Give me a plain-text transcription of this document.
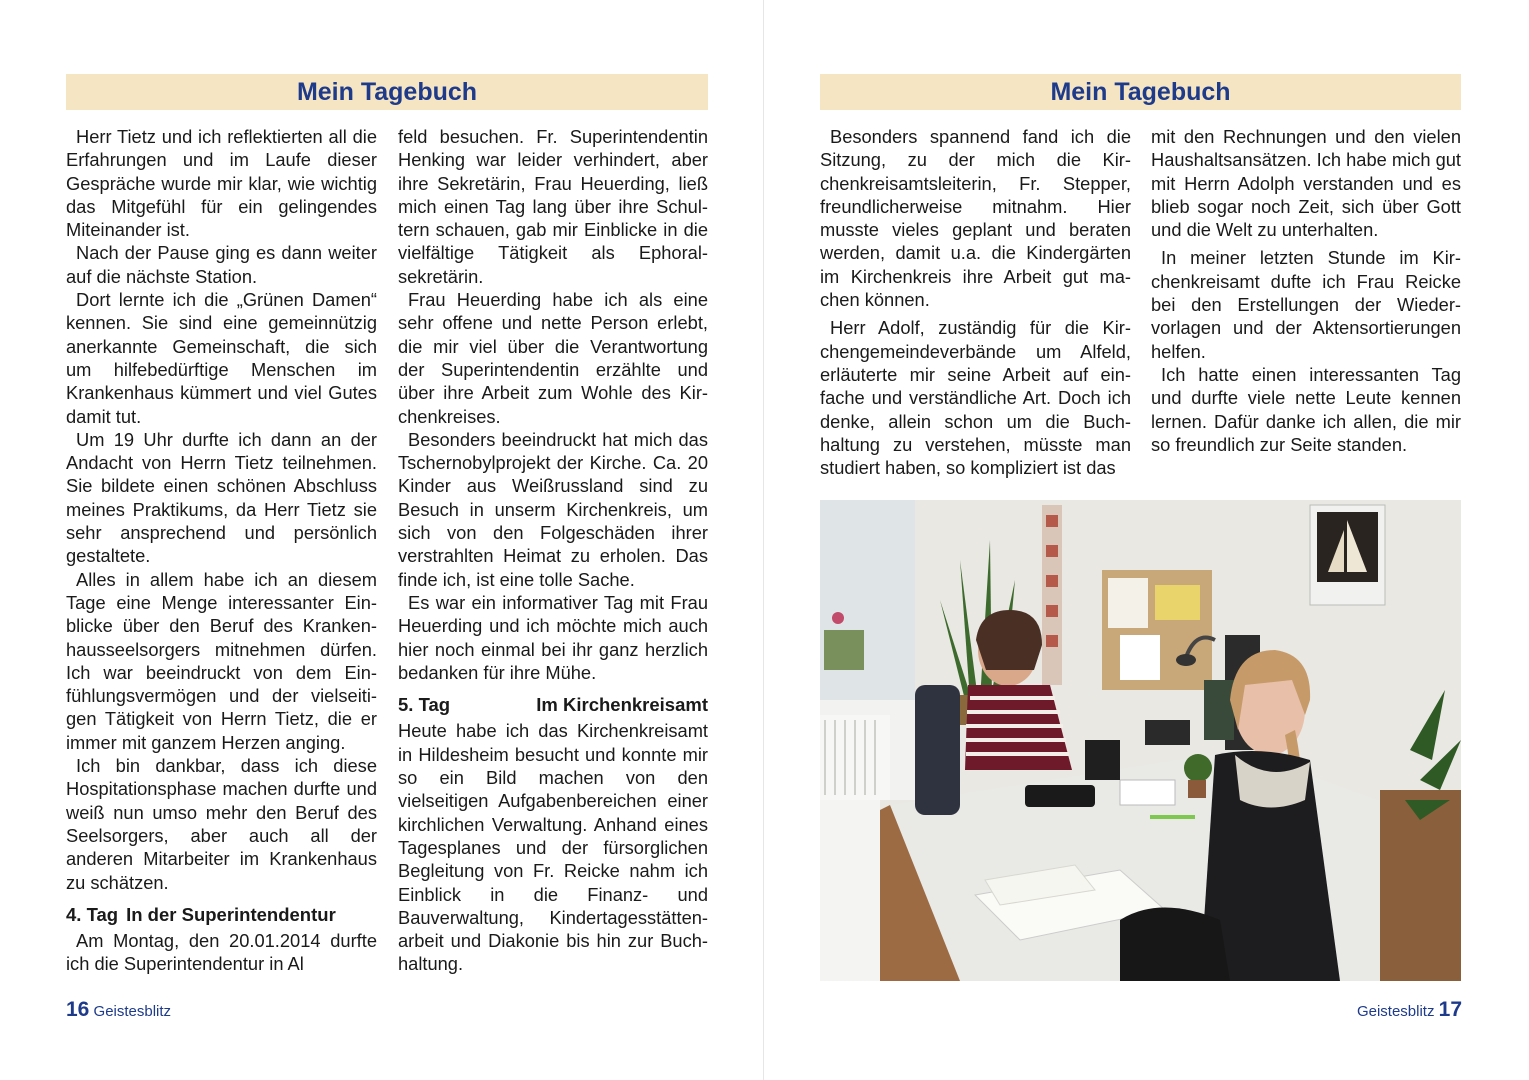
Mein Tagebuch

Herr Tietz und ich reflektierten all die Erfahrungen und im Laufe dieser Gespräche wurde mir klar, wie wichtig das Mitgefühl für ein gelingendes Miteinander ist.

Nach der Pause ging es dann weiter auf die nächste Station.

Dort lernte ich die „Grünen Damen“ kennen. Sie sind eine gemeinnützig anerkannte Gemeinschaft, die sich um hilfebedürftige Menschen im Krankenhaus kümmert und viel Gutes damit tut.

Um 19 Uhr durfte ich dann an der Andacht von Herrn Tietz teilnehmen. Sie bildete einen schönen Abschluss meines Praktikums, da Herr Tietz sie sehr ansprechend und persönlich gestaltete.

Alles in allem habe ich an diesem Tage eine Menge interessanter Einblicke über den Beruf des Krankenhausseelsorgers mitnehmen dürfen. Ich war beeindruckt von dem Einfühlungsvermögen und der vielseitigen Tätigkeit von Herrn Tietz, die er immer mit ganzem Herzen anging.

Ich bin dankbar, dass ich diese Hospitationsphase machen durfte und weiß nun umso mehr den Beruf des Seelsorgers, aber auch all der anderen Mitarbeiter im Krankenhaus zu schätzen.

4. Tag In der Superintendentur

Am Montag, den 20.01.2014 durfte ich die Superintendentur in Al

feld besuchen. Fr. Superintendentin Henking war leider verhindert, aber ihre Sekretärin, Frau Heuerding, ließ mich einen Tag lang über ihre Schultern schauen, gab mir Einblicke in die vielfältige Tätigkeit als Ephoralsekretärin.

Frau Heuerding habe ich als eine sehr offene und nette Person erlebt, die mir viel über die Verantwortung der Superintendentin erzählte und über ihre Arbeit zum Wohle des Kirchenkreises.

Besonders beeindruckt hat mich das Tschernobylprojekt der Kirche. Ca. 20 Kinder aus Weißrussland sind zu Besuch in unserm Kirchenkreis, um sich von den Folgeschäden ihrer verstrahlten Heimat zu erholen. Das finde ich, ist eine tolle Sache.

Es war ein informativer Tag mit Frau Heuerding und ich möchte mich auch hier noch einmal bei ihr ganz herzlich bedanken für ihre Mühe.

5. Tag	Im Kirchenkreisamt

Heute habe ich das Kirchenkreisamt in Hildesheim besucht und konnte mir so ein Bild machen von den vielseitigen Aufgabenbereichen einer kirchlichen Verwaltung. Anhand eines Tagesplanes und der fürsorglichen Begleitung von Fr. Reicke nahm ich Einblick in die Finanz- und Bauverwaltung, Kindertagesstättenarbeit und Diakonie bis hin zur Buchhaltung.

16 Geistesblitz
Mein Tagebuch

Besonders spannend fand ich die Sitzung, zu der mich die Kirchenkreisamtsleiterin, Fr. Stepper, freundlicherweise mitnahm. Hier musste vieles geplant und beraten werden, damit u.a. die Kindergärten im Kirchenkreis ihre Arbeit gut machen können.

Herr Adolf, zuständig für die Kirchengemeindeverbände um Alfeld, erläuterte mir seine Arbeit auf einfache und verständliche Art. Doch ich denke, allein schon um die Buchhaltung zu verstehen, müsste man studiert haben, so kompliziert ist das

mit den Rechnungen und den vielen Haushaltsansätzen. Ich habe mich gut mit Herrn Adolph verstanden und es blieb sogar noch Zeit, sich über Gott und die Welt zu unterhalten.

In meiner letzten Stunde im Kirchenkreisamt dufte ich Frau Reicke bei den Erstellungen der Wiedervorlagen und der Aktensortierungen helfen.

Ich hatte einen interessanten Tag und durfte viele nette Leute kennen lernen. Dafür danke ich allen, die mir so freundlich zur Seite standen.

Geistesblitz 17
